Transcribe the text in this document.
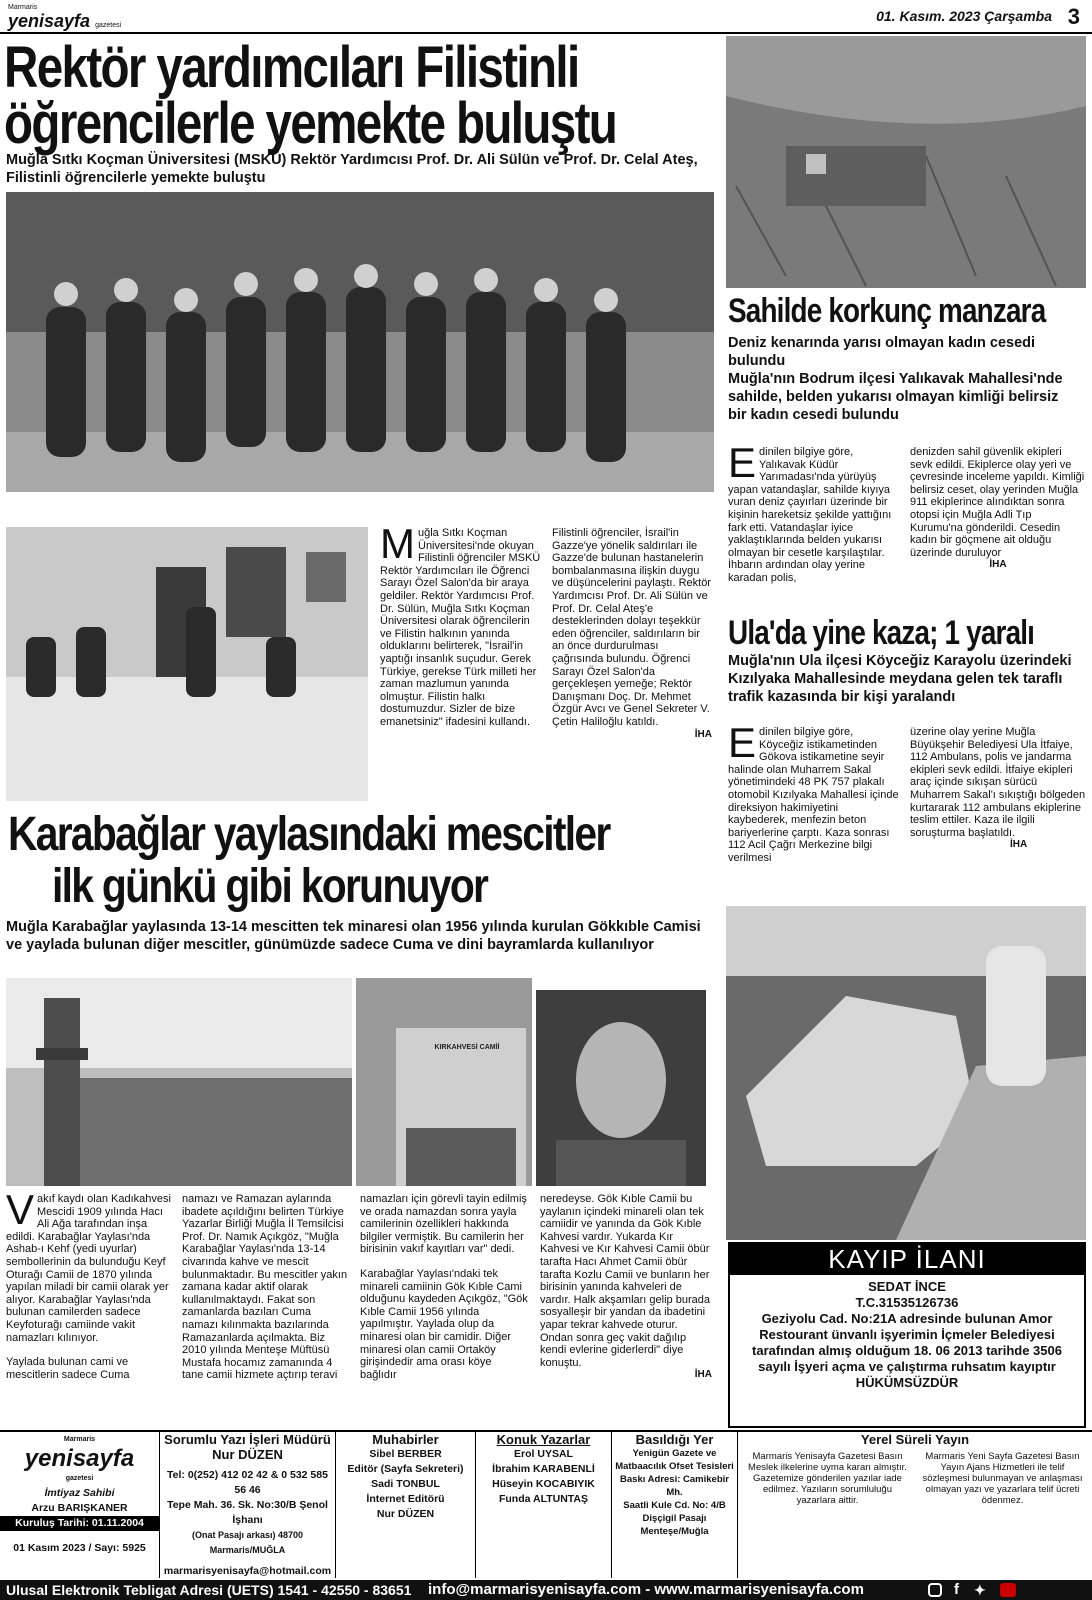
Marmaris
yenisayfa gazetesi
01. Kasım. 2023 Çarşamba 3
Rektör yardımcıları Filistinli
öğrencilerle yemekte buluştu
Muğla Sıtkı Koçman Üniversitesi (MSKÜ) Rektör Yardımcısı Prof. Dr. Ali Sülün ve Prof. Dr. Celal Ateş, Filistinli öğrencilerle yemekte buluştu
M uğla Sıtkı Koçman Üniversitesi'nde okuyan Filistinli öğrenciler MSKÜ Rektör Yardımcıları ile Öğrenci Sarayı Özel Salon'da bir araya geldiler. Rektör Yardımcısı Prof. Dr. Sülün, Muğla Sıtkı Koçman Üniversitesi olarak öğrencilerin ve Filistin halkının yanında olduklarını belirterek, "İsrail'in yaptığı insanlık suçudur. Gerek Türkiye, gerekse Türk milleti her zaman mazlumun yanında olmuştur. Filistin halkı dostumuzdur. Sizler de bize emanetsiniz" ifadesini kullandı.
Filistinli öğrenciler, İsrail'in Gazze'ye yönelik saldırıları ile Gazze'de bulunan hastanelerin bombalanmasına ilişkin duygu ve düşüncelerini paylaştı. Rektör Yardımcısı Prof. Dr. Ali Sülün ve Prof. Dr. Celal Ateş'e desteklerinden dolayı teşekkür eden öğrenciler, saldırıların bir an önce durdurulması çağrısında bulundu. Öğrenci Sarayı Özel Salon'da gerçekleşen yemeğe; Rektör Danışmanı Doç. Dr. Mehmet Özgür Avcı ve Genel Sekreter V. Çetin Haliloğlu katıldı.
İHA
Karabağlar yaylasındaki mescitler
ilk günkü gibi korunuyor
Muğla Karabağlar yaylasında 13-14 mescitten tek minaresi olan 1956 yılında kurulan Gökkıble Camisi ve yaylada bulunan diğer mescitler, günümüzde sadece Cuma ve dini bayramlarda kullanılıyor
KIRKAHVESİ CAMİİ
V akıf kaydı olan Kadıkahvesi Mescidi 1909 yılında Hacı Ali Ağa tarafından inşa edildi. Karabağlar Yaylası'nda Ashab-ı Kehf (yedi uyurlar) sembollerinin da bulunduğu Keyf Oturağı Camii de 1870 yılında yapılan miladi bir camii olarak yer alıyor. Karabağlar Yaylası'nda bulunan camilerden sadece Keyfoturağı camiinde vakit namazları kılınıyor.
Yaylada bulunan cami ve mescitlerin sadece Cuma
namazı ve Ramazan aylarında ibadete açıldığını belirten Türkiye Yazarlar Birliği Muğla İl Temsilcisi Prof. Dr. Namık Açıkgöz, "Muğla Karabağlar Yaylası'nda 13-14 civarında kahve ve mescit bulunmaktadır. Bu mescitler yakın zamana kadar aktif olarak kullanılmaktaydı. Fakat son zamanlarda bazıları Cuma namazı kılınmakta bazılarında Ramazanlarda açılmakta. Biz 2010 yılında Menteşe Müftüsü Mustafa hocamız zamanında 4 tane camii hizmete açtırıp teravi
namazları için görevli tayin edilmiş ve orada namazdan sonra yayla camilerinin özellikleri hakkında bilgiler vermiştik. Bu camilerin her birisinin vakıf kayıtları var" dedi.
Karabağlar Yaylası'ndaki tek minareli camiinin Gök Kıble Cami olduğunu kaydeden Açıkgöz, "Gök Kıble Camii 1956 yılında yapılmıştır. Yaylada olup da minaresi olan bir camidir. Diğer minaresi olan camii Ortaköy girişindedir ama orası köye bağlıdır
neredeyse. Gök Kıble Camii bu yaylanın içindeki minareli olan tek camiidir ve yanında da Gök Kıble Kahvesi vardır. Yukarda Kır Kahvesi ve Kır Kahvesi Camii öbür tarafta Hacı Ahmet Camii öbür tarafta Kozlu Camii ve bunların her birisinin yanında kahveleri de vardır. Halk akşamları gelip burada sosyalleşir bir yandan da ibadetini yapar tekrar kahvede oturur. Ondan sonra geç vakit dağılıp kendi evlerine giderlerdi" diye konuştu.
İHA
Sahilde korkunç manzara
Deniz kenarında yarısı olmayan kadın cesedi bulundu
Muğla'nın Bodrum ilçesi Yalıkavak Mahallesi'nde sahilde, belden yukarısı olmayan kimliği belirsiz bir kadın cesedi bulundu
E dinilen bilgiye göre, Yalıkavak Küdür Yarımadası'nda yürüyüş yapan vatandaşlar, sahilde kıyıya vuran deniz çayırları üzerinde bir kişinin hareketsiz şekilde yattığını fark etti. Vatandaşlar iyice yaklaştıklarında belden yukarısı olmayan bir cesetle karşılaştılar. İhbarın ardından olay yerine karadan polis,
denizden sahil güvenlik ekipleri sevk edildi. Ekiplerce olay yeri ve çevresinde inceleme yapıldı. Kimliği belirsiz ceset, olay yerinden Muğla 911 ekiplerince alındıktan sonra otopsi için Muğla Adli Tıp Kurumu'na gönderildi. Cesedin kadın bir göçmene ait olduğu üzerinde duruluyor
İHA
Ula'da yine kaza; 1 yaralı
Muğla'nın Ula ilçesi Köyceğiz Karayolu üzerindeki Kızılyaka Mahallesinde meydana gelen tek taraflı trafik kazasında bir kişi yaralandı
E dinilen bilgiye göre, Köyceğiz istikametinden Gökova istikametine seyir halinde olan Muharrem Sakal yönetimindeki 48 PK 757 plakalı otomobil Kızılyaka Mahallesi içinde direksiyon hakimiyetini kaybederek, menfezin beton bariyerlerine çarptı. Kaza sonrası 112 Acil Çağrı Merkezine bilgi verilmesi
üzerine olay yerine Muğla Büyükşehir Belediyesi Ula İtfaiye, 112 Ambulans, polis ve jandarma ekipleri sevk edildi. İtfaiye ekipleri araç içinde sıkışan sürücü Muharrem Sakal'ı sıkıştığı bölgeden kurtararak 112 ambulans ekiplerine teslim ettiler. Kaza ile ilgili soruşturma başlatıldı.
İHA
KAYIP İLANI
SEDAT İNCE
T.C.31535126736
Geziyolu Cad. No:21A adresinde bulunan Amor Restourant ünvanlı işyerimin İçmeler Belediyesi tarafından almış olduğum 18. 06 2013 tarihde 3506 sayılı İşyeri açma ve çalıştırma ruhsatım kayıptır
HÜKÜMSÜZDÜR
Marmaris
yenisayfa
gazetesi
İmtiyaz Sahibi
Arzu BARIŞKANER
Kuruluş Tarihi: 01.11.2004
01 Kasım 2023 / Sayı: 5925
Sorumlu Yazı İşleri Müdürü
Nur DÜZEN
Tel: 0(252) 412 02 42 & 0 532 585 56 46
Tepe Mah. 36. Sk. No:30/B Şenol İşhanı
(Onat Pasajı arkası) 48700 Marmaris/MUĞLA
marmarisyenisayfa@hotmail.com
Muhabirler
Sibel BERBER
Editör (Sayfa Sekreteri)
Sadi TONBUL
İnternet Editörü
Nur DÜZEN
Konuk Yazarlar
Erol UYSAL
İbrahim KARABENLİ
Hüseyin KOCABIYIK
Funda ALTUNTAŞ
Basıldığı Yer
Yenigün Gazete ve
Matbaacılık Ofset Tesisleri
Baskı Adresi: Camikebir Mh.
Saatli Kule Cd. No: 4/B
Dişçigil Pasajı Menteşe/Muğla
Yerel Süreli Yayın
Marmaris Yenisayfa Gazetesi Basın Meslek ilkelerine uyma kararı almıştır. Gazetemize gönderilen yazılar iade edilmez. Yazıların sorumluluğu yazarlara aittir.
Marmaris Yeni Sayfa Gazetesi Basın Yayın Ajans Hizmetleri ile telif sözleşmesi bulunmayan ve anlaşması olmayan yazı ve yazarlara telif ücreti ödenmez.
Ulusal Elektronik Tebligat Adresi (UETS) 1541 - 42550 - 83651 info@marmarisyenisayfa.com - www.marmarisyenisayfa.com	f ✦
